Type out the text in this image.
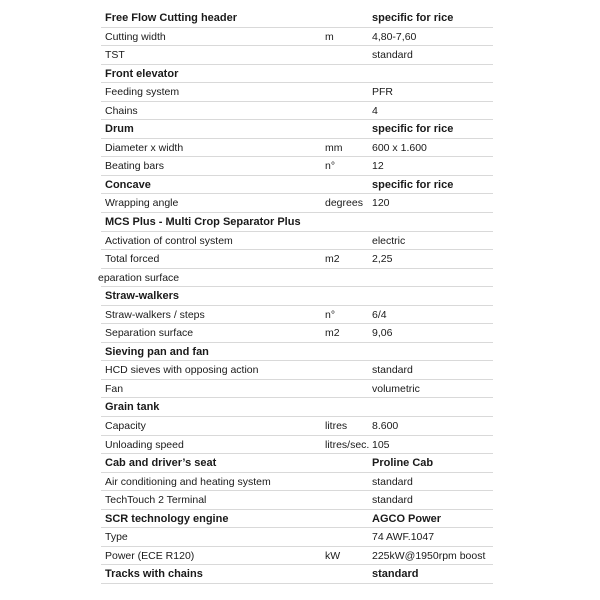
Free Flow Cutting header	specific for rice
Cutting width	m	4,80-7,60
TST	standard
Front elevator
Feeding system	PFR
Chains	4
Drum	specific for rice
Diameter x width	mm	600 x 1.600
Beating bars	n°	12
Concave	specific for rice
Wrapping angle	degrees 120
MCS Plus - Multi Crop Separator Plus
Activation of control system	electric
Total forced	m2	2,25
eparation surface
Straw-walkers
Straw-walkers / steps	n°	6/4
Separation surface	m2	9,06
Sieving pan and fan
HCD sieves with opposing action	standard
Fan	volumetric
Grain tank
Capacity	litres 8.600
Unloading speed	litres/sec. 105
Cab and driver’s seat	Proline Cab
Air conditioning and heating system	standard
TechTouch 2 Terminal	standard
SCR technology engine	AGCO Power
Type	74 AWF.1047
Power (ECE R120)	kW	225kW@1950rpm boost
Tracks with chains	standard
